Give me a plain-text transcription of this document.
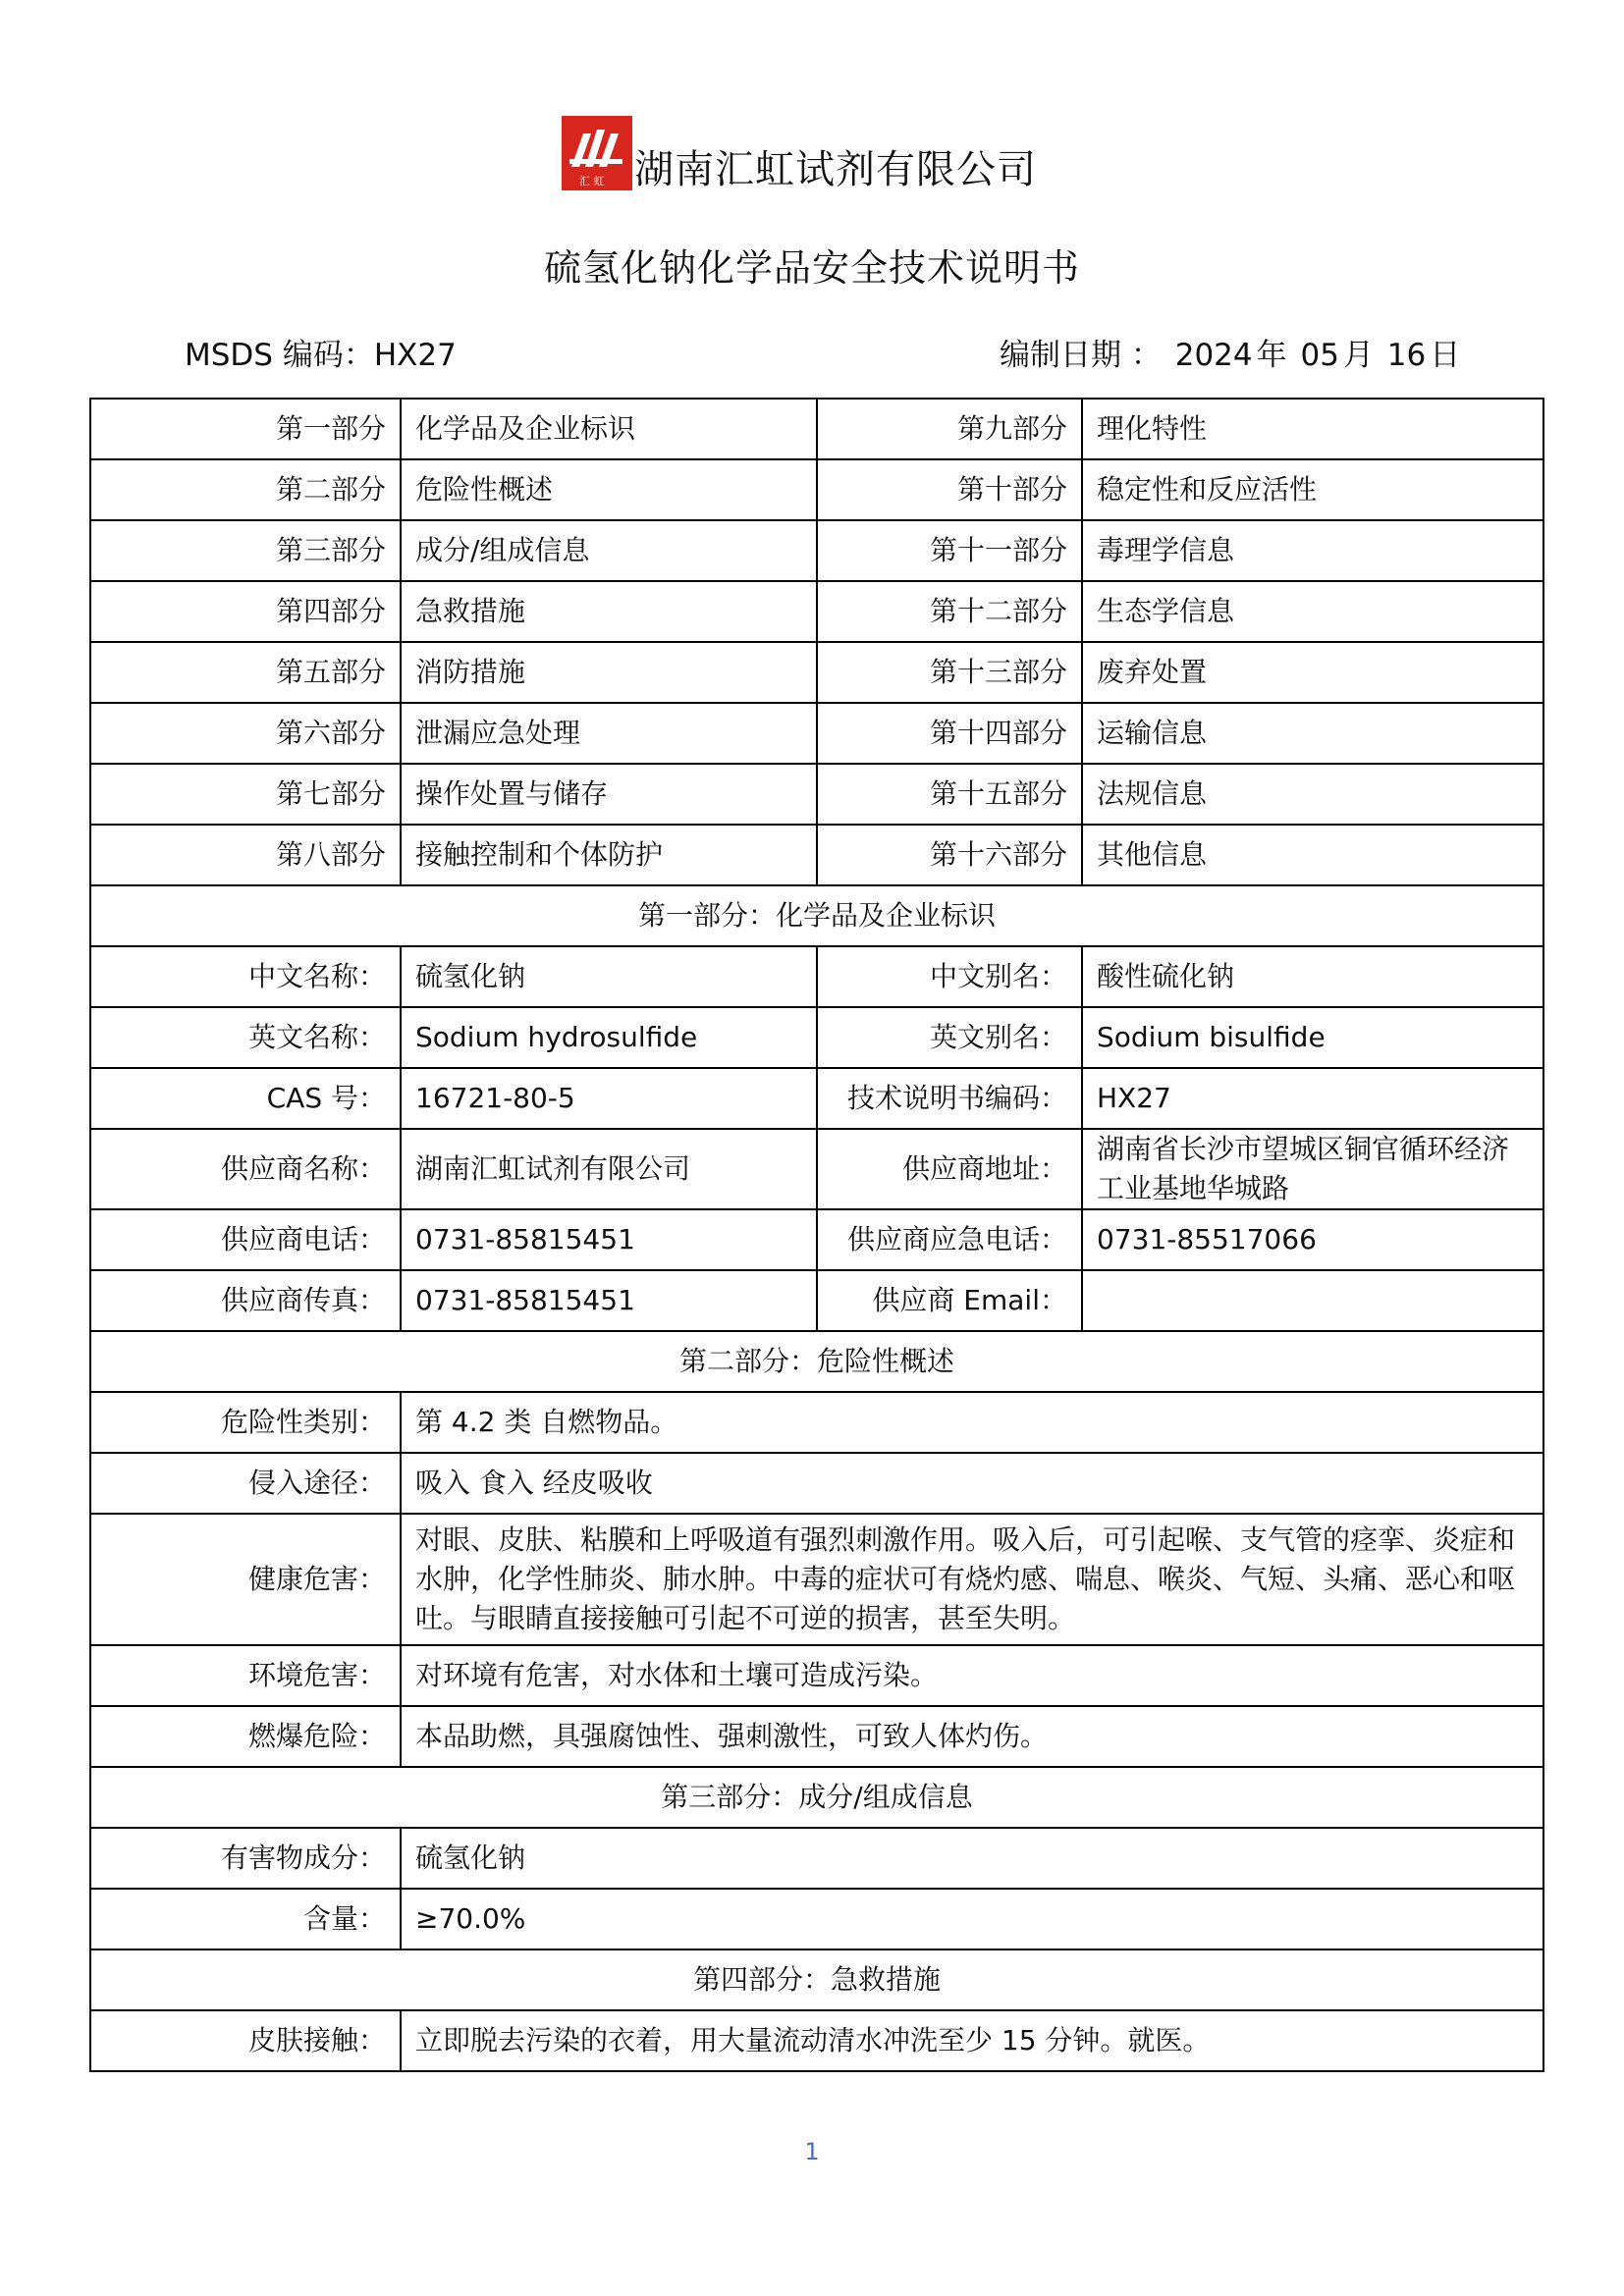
汇 虹 湖南汇虹试剂有限公司
硫氢化钠化学品安全技术说明书
MSDS 编码：HX27	编制日期 ： 2024 年 05 月 16 日
第一部分	化学品及企业标识	第九部分	理化特性
第二部分	危险性概述	第十部分	稳定性和反应活性
第三部分	成分/组成信息	第十一部分	毒理学信息
第四部分	急救措施	第十二部分	生态学信息
第五部分	消防措施	第十三部分	废弃处置
第六部分	泄漏应急处理	第十四部分	运输信息
第七部分	操作处置与储存	第十五部分	法规信息
第八部分	接触控制和个体防护	第十六部分	其他信息
第一部分：化学品及企业标识			
中文名称：	硫氢化钠	中文别名：	酸性硫化钠
英文名称：	Sodium hydrosulfide	英文别名：	Sodium bisulfide
CAS 号：	16721-80-5	技术说明书编码：	HX27
供应商名称：	湖南汇虹试剂有限公司	供应商地址：	湖南省长沙市望城区铜官循环经济工业基地华城路
供应商电话：	0731-85815451	供应商应急电话：	0731-85517066
供应商传真：	0731-85815451	供应商 Email：	
第二部分：危险性概述			
危险性类别：	第 4.2 类 自燃物品。		
侵入途径：	吸入 食入 经皮吸收		
健康危害：	对眼、皮肤、粘膜和上呼吸道有强烈刺激作用。吸入后，可引起喉、支气管的痉挛、炎症和水肿，化学性肺炎、肺水肿。中毒的症状可有烧灼感、喘息、喉炎、气短、头痛、恶心和呕吐。与眼睛直接接触可引起不可逆的损害，甚至失明。		
环境危害：	对环境有危害，对水体和土壤可造成污染。		
燃爆危险：	本品助燃，具强腐蚀性、强刺激性，可致人体灼伤。		
第三部分：成分/组成信息			
有害物成分：	硫氢化钠		
含量：	≥70.0%		
第四部分：急救措施			
皮肤接触：	立即脱去污染的衣着，用大量流动清水冲洗至少 15 分钟。就医。		
1
